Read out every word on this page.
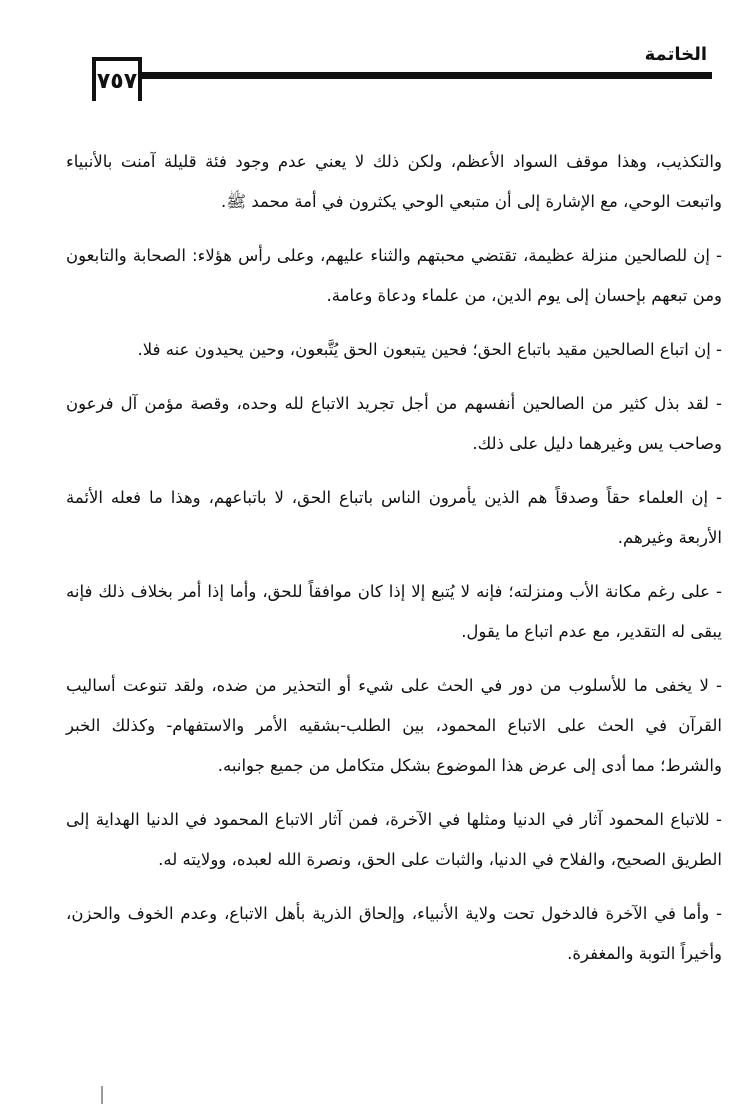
٧٥٧
الخاتمة

والتكذيب، وهذا موقف السواد الأعظم، ولكن ذلك لا يعني عدم وجود فئة قليلة آمنت بالأنبياء واتبعت الوحي، مع الإشارة إلى أن متبعي الوحي يكثرون في أمة محمد ﷺ.

- إن للصالحين منزلة عظيمة، تقتضي محبتهم والثناء عليهم، وعلى رأس هؤلاء: الصحابة والتابعون ومن تبعهم بإحسان إلى يوم الدين، من علماء ودعاة وعامة.

- إن اتباع الصالحين مقيد باتباع الحق؛ فحين يتبعون الحق يُتَّبعون، وحين يحيدون عنه فلا.

- لقد بذل كثير من الصالحين أنفسهم من أجل تجريد الاتباع لله وحده، وقصة مؤمن آل فرعون وصاحب يس وغيرهما دليل على ذلك.

- إن العلماء حقاً وصدقاً هم الذين يأمرون الناس باتباع الحق، لا باتباعهم، وهذا ما فعله الأئمة الأربعة وغيرهم.

- على رغم مكانة الأب ومنزلته؛ فإنه لا يُتبع إلا إذا كان موافقاً للحق، وأما إذا أمر بخلاف ذلك فإنه يبقى له التقدير، مع عدم اتباع ما يقول.

- لا يخفى ما للأسلوب من دور في الحث على شيء أو التحذير من ضده، ولقد تنوعت أساليب القرآن في الحث على الاتباع المحمود، بين الطلب-بشقيه الأمر والاستفهام- وكذلك الخبر والشرط؛ مما أدى إلى عرض هذا الموضوع بشكل متكامل من جميع جوانبه.

- للاتباع المحمود آثار في الدنيا ومثلها في الآخرة، فمن آثار الاتباع المحمود في الدنيا الهداية إلى الطريق الصحيح، والفلاح في الدنيا، والثبات على الحق، ونصرة الله لعبده، وولايته له.

- وأما في الآخرة فالدخول تحت ولاية الأنبياء، وإلحاق الذرية بأهل الاتباع، وعدم الخوف والحزن، وأخيراً التوبة والمغفرة.
